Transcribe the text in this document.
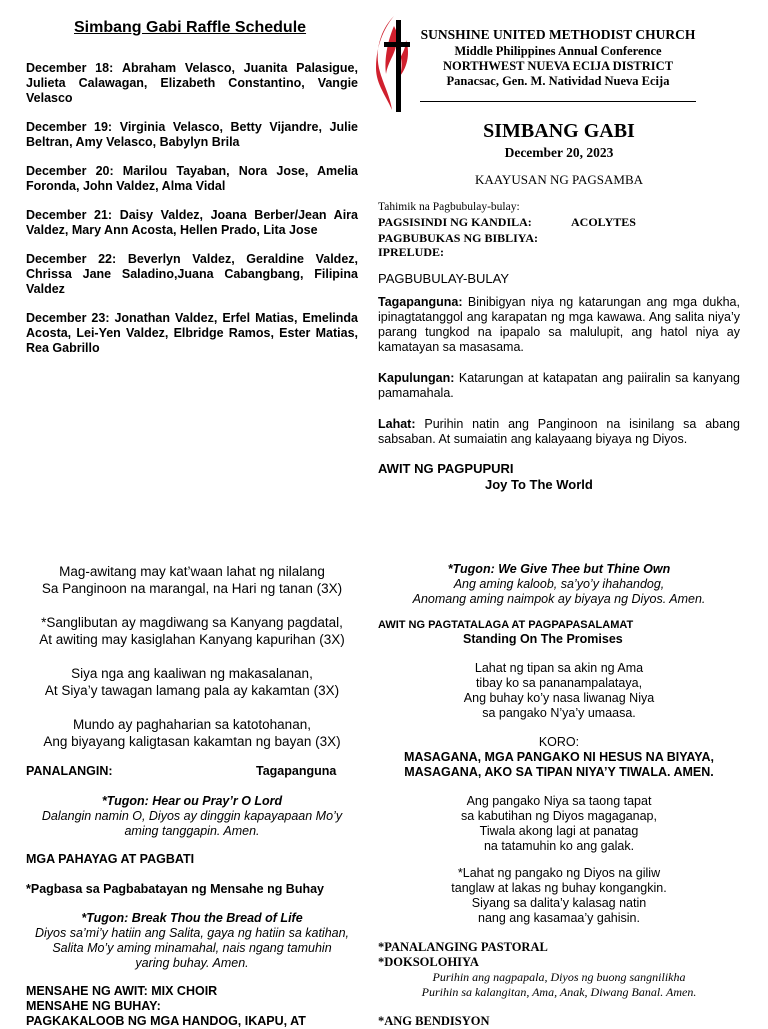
Simbang Gabi Raffle Schedule
December 18: Abraham Velasco, Juanita Palasigue, Julieta Calawagan, Elizabeth Constantino, Vangie Velasco
December 19: Virginia Velasco, Betty Vijandre, Julie Beltran, Amy Velasco, Babylyn Brila
December 20: Marilou Tayaban, Nora Jose, Amelia Foronda, John Valdez, Alma Vidal
December 21: Daisy Valdez, Joana Berber/Jean Aira Valdez, Mary Ann Acosta, Hellen Prado, Lita Jose
December 22: Beverlyn Valdez, Geraldine Valdez, Chrissa Jane Saladino,Juana Cabangbang, Filipina Valdez
December 23: Jonathan Valdez, Erfel Matias, Emelinda Acosta, Lei-Yen Valdez, Elbridge Ramos, Ester Matias, Rea Gabrillo
SUNSHINE UNITED METHODIST CHURCH
Middle Philippines Annual Conference
NORTHWEST NUEVA ECIJA DISTRICT
Panacsac, Gen. M. Natividad Nueva Ecija
SIMBANG GABI
December 20, 2023
KAAYUSAN NG PAGSAMBA
Tahimik na Pagbubulay-bulay:
PAGSISINDI NG KANDILA:	ACOLYTES
PAGBUBUKAS NG BIBLIYA:
IPRELUDE:
PAGBUBULAY-BULAY
Tagapanguna: Binibigyan niya ng katarungan ang mga dukha, ipinagtatanggol ang karapatan ng mga kawawa. Ang salita niya’y parang tungkod na ipapalo sa malulupit, ang hatol niya ay kamatayan sa masasama.
Kapulungan: Katarungan at katapatan ang paiiralin sa kanyang pamamahala.
Lahat: Purihin natin ang Panginoon na isinilang sa abang sabsaban. At sumaiatin ang kalayaang biyaya ng Diyos.
AWIT NG PAGPUPURI
Joy To The World
Mag-awitang may kat’waan lahat ng nilalang
Sa Panginoon na marangal, na Hari ng tanan (3X)
*Sanglibutan ay magdiwang sa Kanyang pagdatal,
At awiting may kasiglahan Kanyang kapurihan (3X)
Siya nga ang kaaliwan ng makasalanan,
At Siya’y tawagan lamang pala ay kakamtan (3X)
Mundo ay paghaharian sa katotohanan,
Ang biyayang kaligtasan kakamtan ng bayan (3X)
PANALANGIN:	Tagapanguna
*Tugon: Hear ou Pray’r O Lord
Dalangin namin O, Diyos ay dinggin kapayapaan Mo’y
aming tanggapin. Amen.
MGA PAHAYAG AT PAGBATI
*Pagbasa sa Pagbabatayan ng Mensahe ng Buhay
*Tugon: Break Thou the Bread of Life
Diyos sa’mi’y hatiin ang Salita, gaya ng hatiin sa katihan,
Salita Mo’y aming minamahal, nais ngang tamuhin
yaring buhay. Amen.
MENSAHE NG AWIT: MIX CHOIR
MENSAHE NG BUHAY:
PAGKAKALOOB NG MGA HANDOG, IKAPU, AT
*Tugon: We Give Thee but Thine Own
Ang aming kaloob, sa’yo’y ihahandog,
Anomang aming naimpok ay biyaya ng Diyos. Amen.
AWIT NG PAGTATALAGA AT PAGPAPASALAMAT
Standing On The Promises
Lahat ng tipan sa akin ng Ama
tibay ko sa pananampalataya,
Ang buhay ko’y nasa liwanag Niya
sa pangako N’ya’y umaasa.
KORO:
MASAGANA, MGA PANGAKO NI HESUS NA BIYAYA,
MASAGANA, AKO SA TIPAN NIYA’Y TIWALA. AMEN.
Ang pangako Niya sa taong tapat
sa kabutihan ng Diyos magaganap,
Tiwala akong lagi at panatag
na tatamuhin ko ang galak.
*Lahat ng pangako ng Diyos na giliw
tanglaw at lakas ng buhay kongangkin.
Siyang sa dalita’y kalasag natin
nang ang kasamaa’y gahisin.
*PANALANGING PASTORAL
*DOKSOLOHIYA
Purihin ang nagpapala, Diyos ng buong sangnilikha
Purihin sa kalangitan, Ama, Anak, Diwang Banal. Amen.
*ANG BENDISYON
